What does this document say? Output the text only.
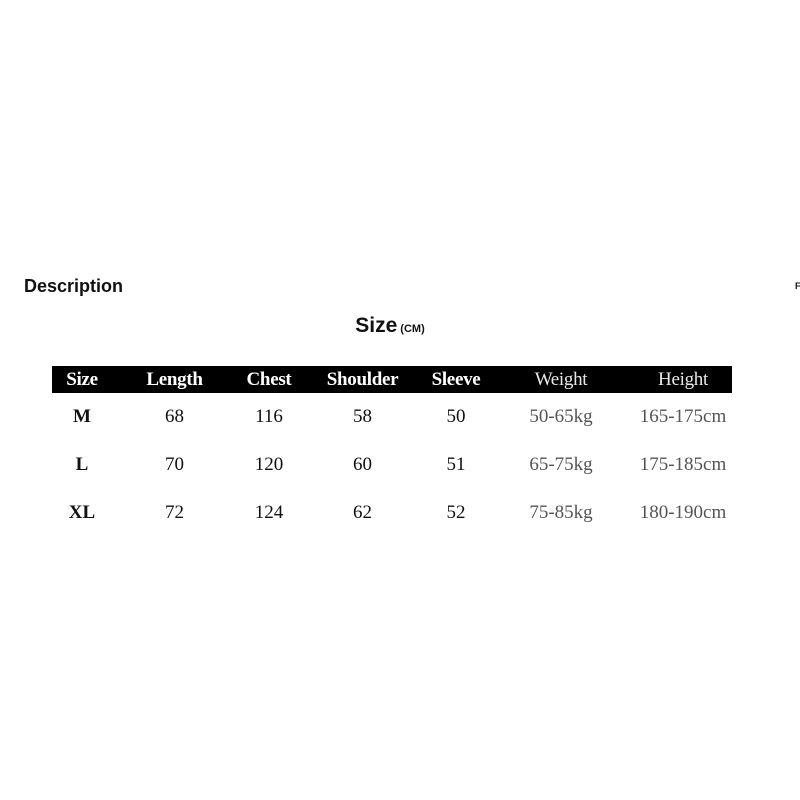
Description	F
Size (CM)
Size	Length	Chest	Shoulder	Sleeve	Weight	Height
M	68	116	58	50	50-65kg	165-175cm
L	70	120	60	51	65-75kg	175-185cm
XL	72	124	62	52	75-85kg	180-190cm
